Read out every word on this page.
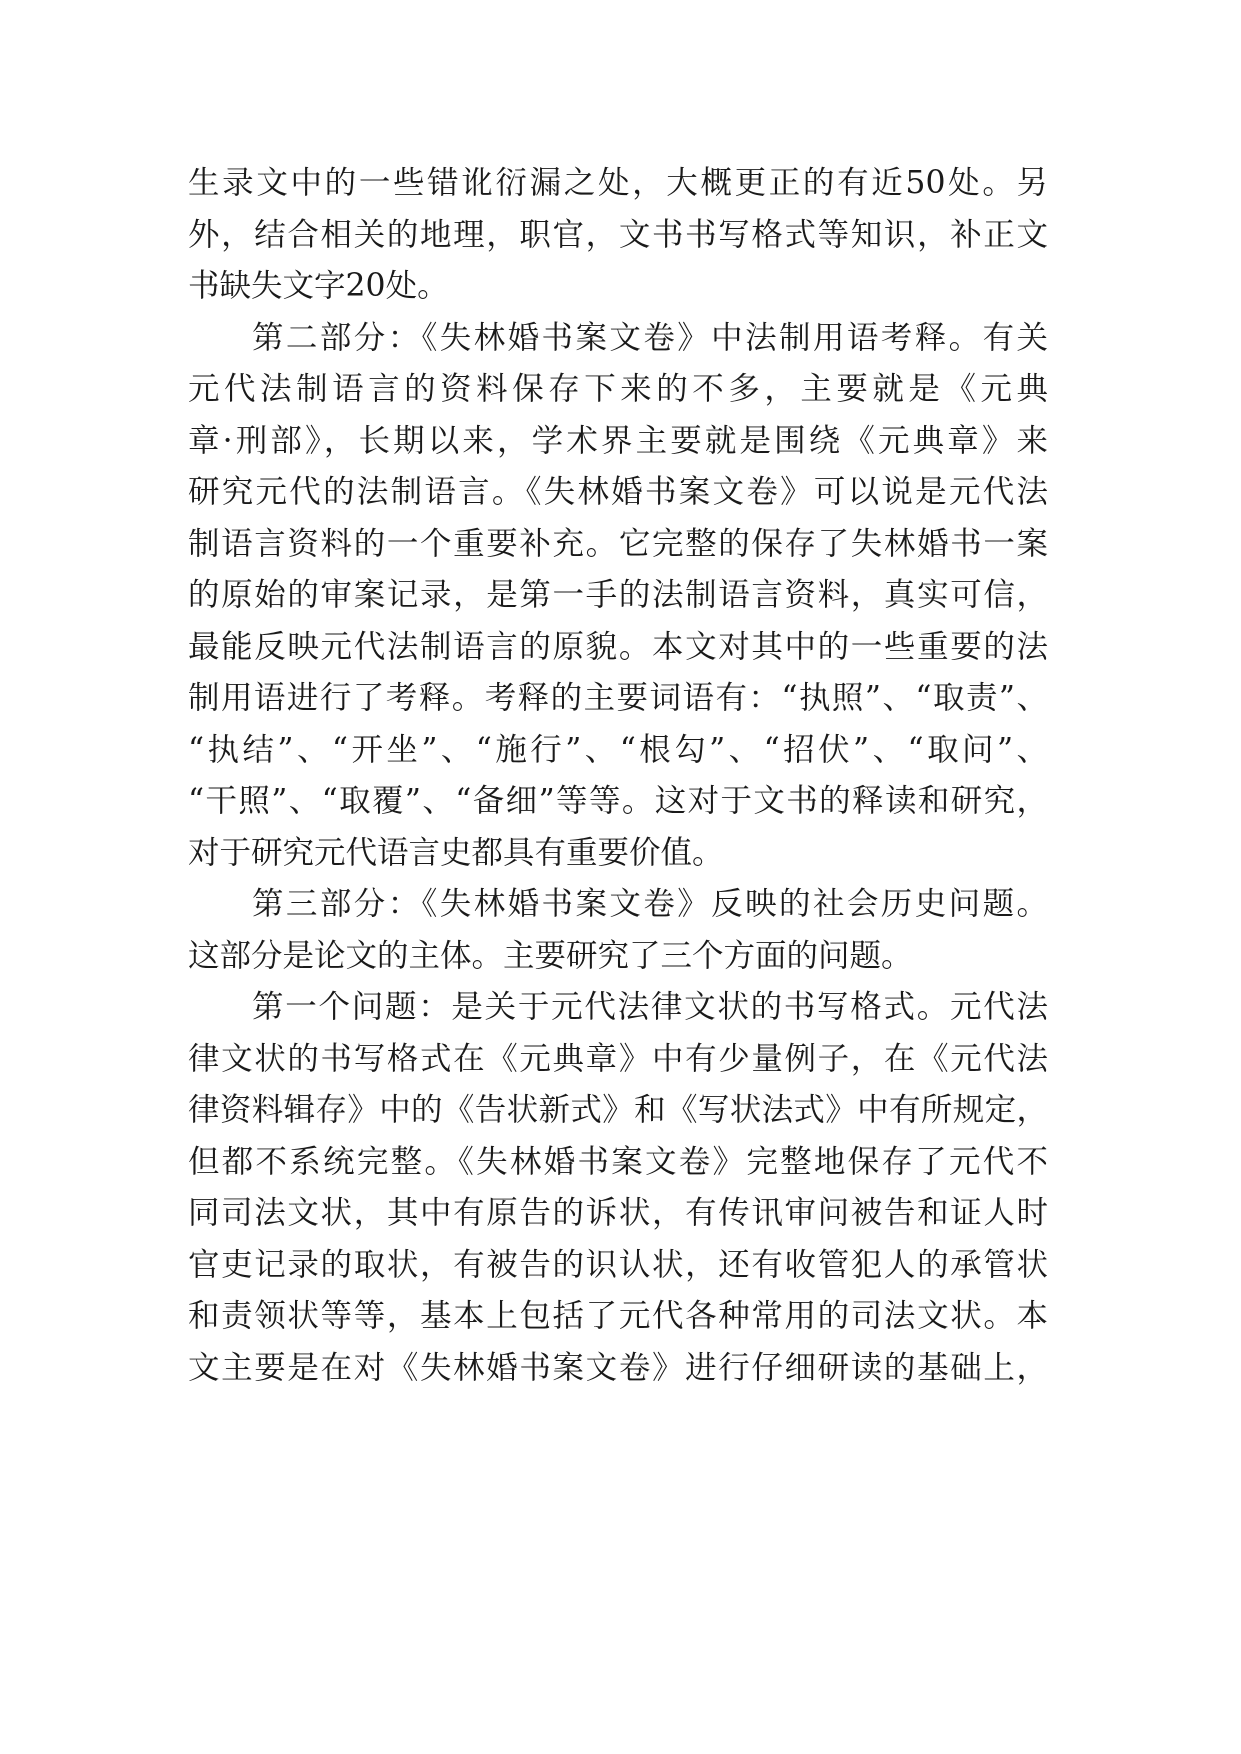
生录文中的一些错讹衍漏之处，大概更正的有近50处。另
外，结合相关的地理，职官，文书书写格式等知识，补正文
书缺失文字20处。
第二部分：《失林婚书案文卷》中法制用语考释。有关
元代法制语言的资料保存下来的不多，主要就是《元典
章·刑部》，长期以来，学术界主要就是围绕《元典章》来
研究元代的法制语言。《失林婚书案文卷》可以说是元代法
制语言资料的一个重要补充。它完整的保存了失林婚书一案
的原始的审案记录，是第一手的法制语言资料，真实可信，
最能反映元代法制语言的原貌。本文对其中的一些重要的法
制用语进行了考释。考释的主要词语有：“执照”、“取责”、
“执结”、“开坐”、“施行”、“根勾”、“招伏”、“取问”、
“干照”、“取覆”、“备细”等等。这对于文书的释读和研究，
对于研究元代语言史都具有重要价值。
第三部分：《失林婚书案文卷》反映的社会历史问题。
这部分是论文的主体。主要研究了三个方面的问题。
第一个问题：是关于元代法律文状的书写格式。元代法
律文状的书写格式在《元典章》中有少量例子，在《元代法
律资料辑存》中的《告状新式》和《写状法式》中有所规定，
但都不系统完整。《失林婚书案文卷》完整地保存了元代不
同司法文状，其中有原告的诉状，有传讯审问被告和证人时
官吏记录的取状，有被告的识认状，还有收管犯人的承管状
和责领状等等，基本上包括了元代各种常用的司法文状。本
文主要是在对《失林婚书案文卷》进行仔细研读的基础上，
